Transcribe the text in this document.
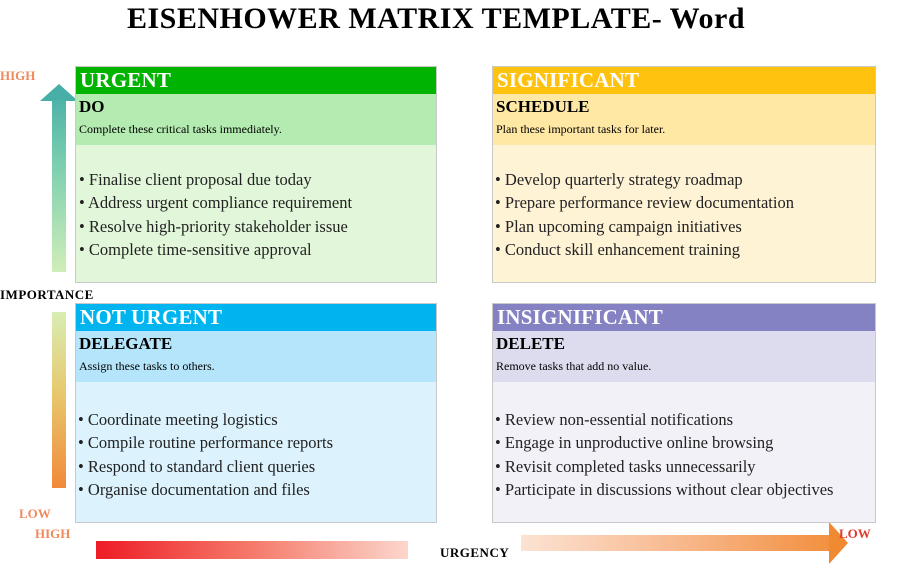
EISENHOWER MATRIX TEMPLATE- Word
HIGH
IMPORTANCE
LOW
HIGH
URGENCY
LOW
URGENT
DO
Complete these critical tasks immediately.
• Finalise client proposal due today
• Address urgent compliance requirement
• Resolve high-priority stakeholder issue
• Complete time-sensitive approval
SIGNIFICANT
SCHEDULE
Plan these important tasks for later.
• Develop quarterly strategy roadmap
• Prepare performance review documentation
• Plan upcoming campaign initiatives
• Conduct skill enhancement training
NOT URGENT
DELEGATE
Assign these tasks to others.
• Coordinate meeting logistics
• Compile routine performance reports
• Respond to standard client queries
• Organise documentation and files
INSIGNIFICANT
DELETE
Remove tasks that add no value.
• Review non-essential notifications
• Engage in unproductive online browsing
• Revisit completed tasks unnecessarily
• Participate in discussions without clear objectives
